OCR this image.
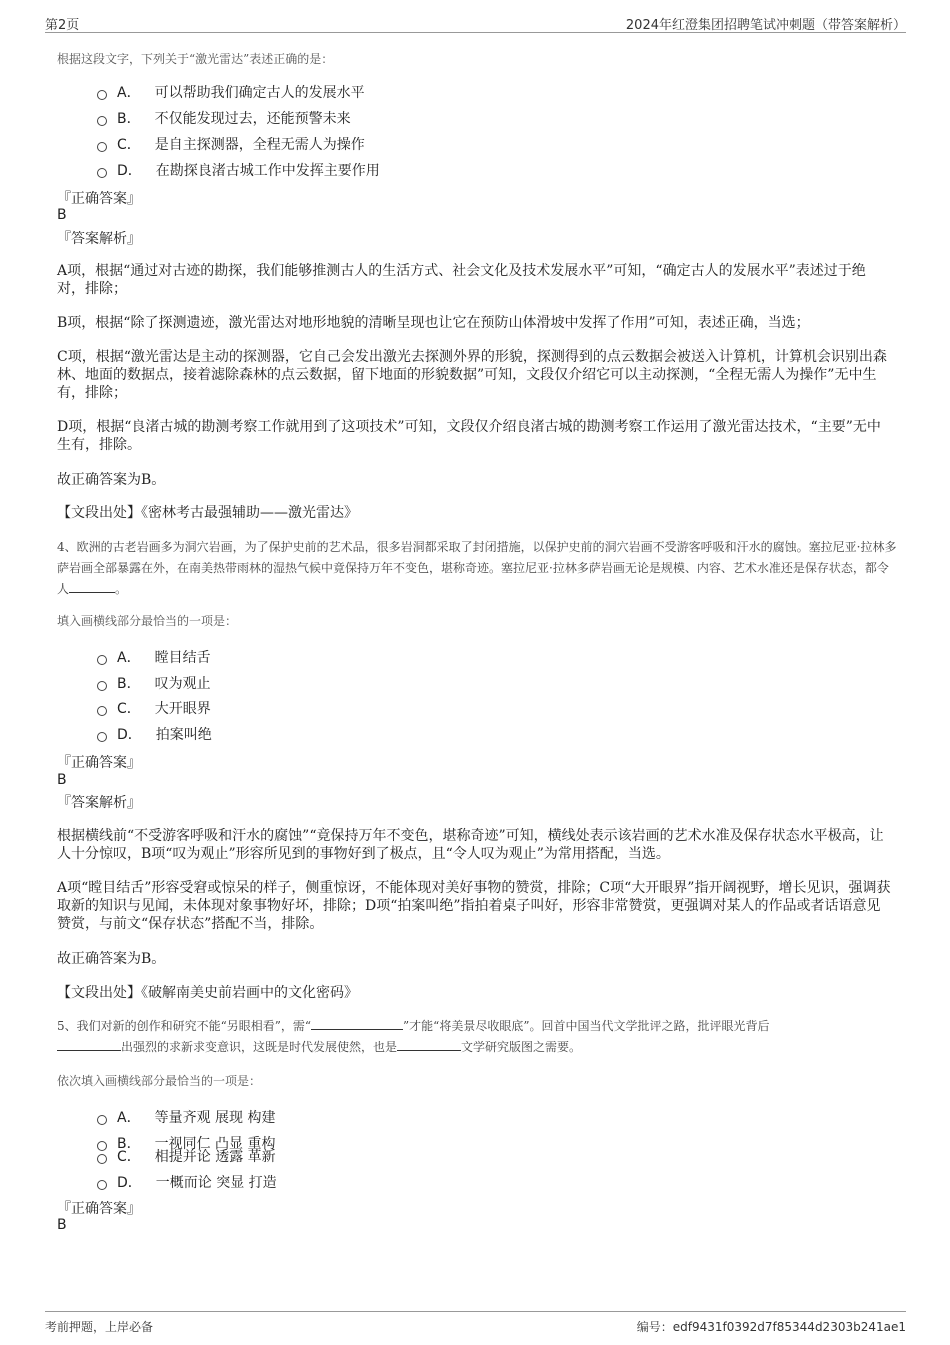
第2页	2024年红澄集团招聘笔试冲刺题（带答案解析）
根据这段文字，下列关于“激光雷达”表述正确的是：
A． 可以帮助我们确定古人的发展水平
B． 不仅能发现过去，还能预警未来
C． 是自主探测器，全程无需人为操作
D． 在勘探良渚古城工作中发挥主要作用
『正确答案』
B
『答案解析』
A项，根据“通过对古迹的勘探，我们能够推测古人的生活方式、社会文化及技术发展水平”可知，“确定古人的发展水平”表述过于绝对，排除；
B项，根据“除了探测遗迹，激光雷达对地形地貌的清晰呈现也让它在预防山体滑坡中发挥了作用”可知，表述正确，当选；
C项，根据“激光雷达是主动的探测器，它自己会发出激光去探测外界的形貌，探测得到的点云数据会被送入计算机，计算机会识别出森林、地面的数据点，接着滤除森林的点云数据，留下地面的形貌数据”可知，文段仅介绍它可以主动探测，“全程无需人为操作”无中生有，排除；
D项，根据“良渚古城的勘测考察工作就用到了这项技术”可知，文段仅介绍良渚古城的勘测考察工作运用了激光雷达技术，“主要”无中生有，排除。
故正确答案为B。
【文段出处】《密林考古最强辅助——激光雷达》
4、欧洲的古老岩画多为洞穴岩画，为了保护史前的艺术品，很多岩洞都采取了封闭措施，以保护史前的洞穴岩画不受游客呼吸和汗水的腐蚀。塞拉尼亚·拉林多萨岩画全部暴露在外，在南美热带雨林的湿热气候中竟保持万年不变色，堪称奇迹。塞拉尼亚·拉林多萨岩画无论是规模、内容、艺术水准还是保存状态，都令人	。
填入画横线部分最恰当的一项是：
A． 瞠目结舌
B． 叹为观止
C． 大开眼界
D． 拍案叫绝
『正确答案』
B
『答案解析』
根据横线前“不受游客呼吸和汗水的腐蚀”“竟保持万年不变色，堪称奇迹”可知，横线处表示该岩画的艺术水准及保存状态水平极高，让人十分惊叹，B项“叹为观止”形容所见到的事物好到了极点，且“令人叹为观止”为常用搭配，当选。
A项“瞠目结舌”形容受窘或惊呆的样子，侧重惊讶，不能体现对美好事物的赞赏，排除；C项“大开眼界”指开阔视野，增长见识，强调获取新的知识与见闻，未体现对象事物好坏，排除；D项“拍案叫绝”指拍着桌子叫好，形容非常赞赏，更强调对某人的作品或者话语意见赞赏，与前文“保存状态”搭配不当，排除。
故正确答案为B。
【文段出处】《破解南美史前岩画中的文化密码》
5、我们对新的创作和研究不能“另眼相看”，需“	”才能“将美景尽收眼底”。回首中国当代文学批评之路，批评眼光背后
出强烈的求新求变意识，这既是时代发展使然，也是	文学研究版图之需要。
依次填入画横线部分最恰当的一项是：
A． 等量齐观 展现 构建
B． 一视同仁 凸显 重构
C． 相提并论 透露 革新
D． 一概而论 突显 打造
『正确答案』
B
考前押题，上岸必备	编号：edf9431f0392d7f85344d2303b241ae1
